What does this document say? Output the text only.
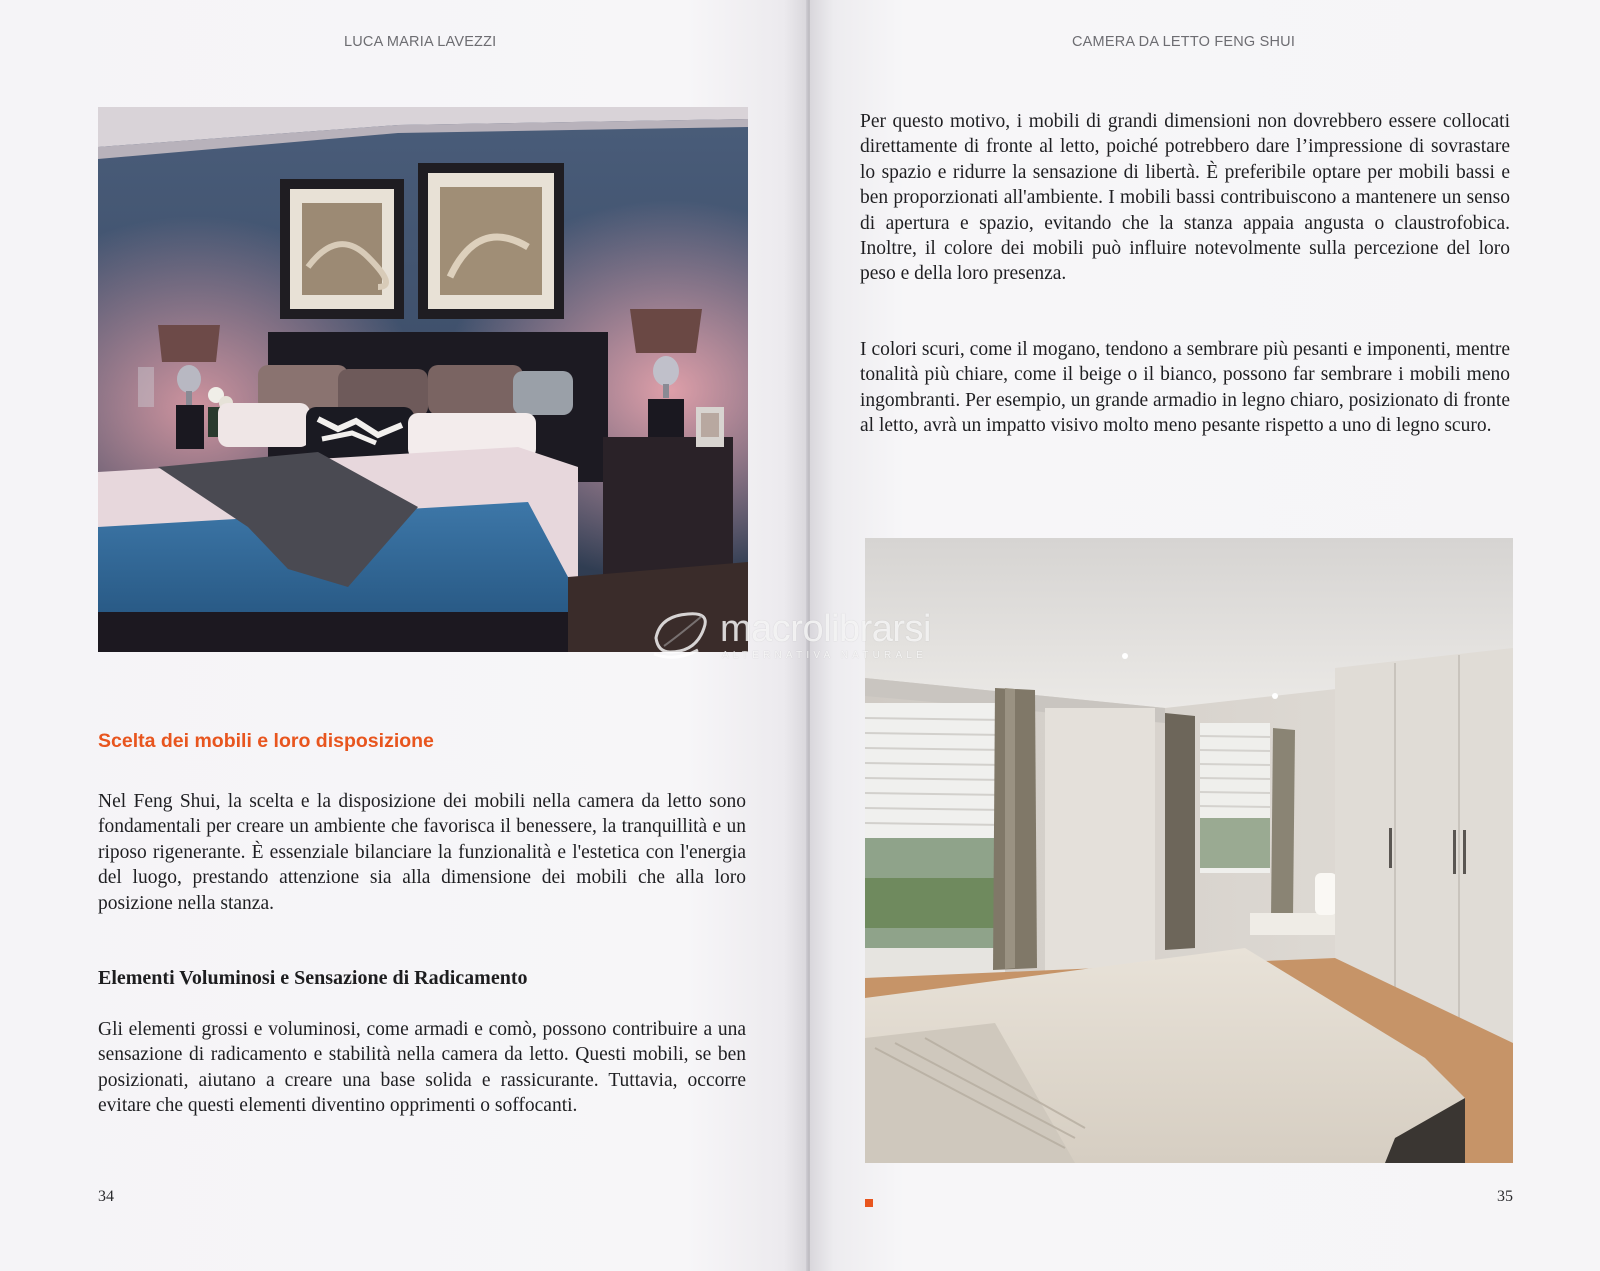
LUCA MARIA LAVEZZI
Scelta dei mobili e loro disposizione

Nel Feng Shui, la scelta e la disposizione dei mobili nella camera da letto sono fondamentali per creare un ambiente che favorisca il benessere, la tranquillità e un riposo rigenerante. È essenziale bilanciare la funzionalità e l'estetica con l'energia del luogo, prestando attenzione sia alla dimensione dei mobili che alla loro posizione nella stanza.

Elementi Voluminosi e Sensazione di Radicamento

Gli elementi grossi e voluminosi, come armadi e comò, possono contribuire a una sensazione di radicamento e stabilità nella camera da letto. Questi mobili, se ben posizionati, aiutano a creare una base solida e rassicurante. Tuttavia, occorre evitare che questi elementi diventino opprimenti o soffocanti.

34
CAMERA DA LETTO FENG SHUI

Per questo motivo, i mobili di grandi dimensioni non dovrebbero essere collocati direttamente di fronte al letto, poiché potrebbero dare l’impressione di sovrastare lo spazio e ridurre la sensazione di libertà. È preferibile optare per mobili bassi e ben proporzionati all'ambiente. I mobili bassi contribuiscono a mantenere un senso di apertura e spazio, evitando che la stanza appaia angusta o claustrofobica. Inoltre, il colore dei mobili può influire notevolmente sulla percezione del loro peso e della loro presenza.

I colori scuri, come il mogano, tendono a sembrare più pesanti e imponenti, mentre tonalità più chiare, come il beige o il bianco, possono far sembrare i mobili meno ingombranti. Per esempio, un grande armadio in legno chiaro, posizionato di fronte al letto, avrà un impatto visivo molto meno pesante rispetto a uno di legno scuro.

35
macrolibrarsi
ALTERNATIVA NATURALE
